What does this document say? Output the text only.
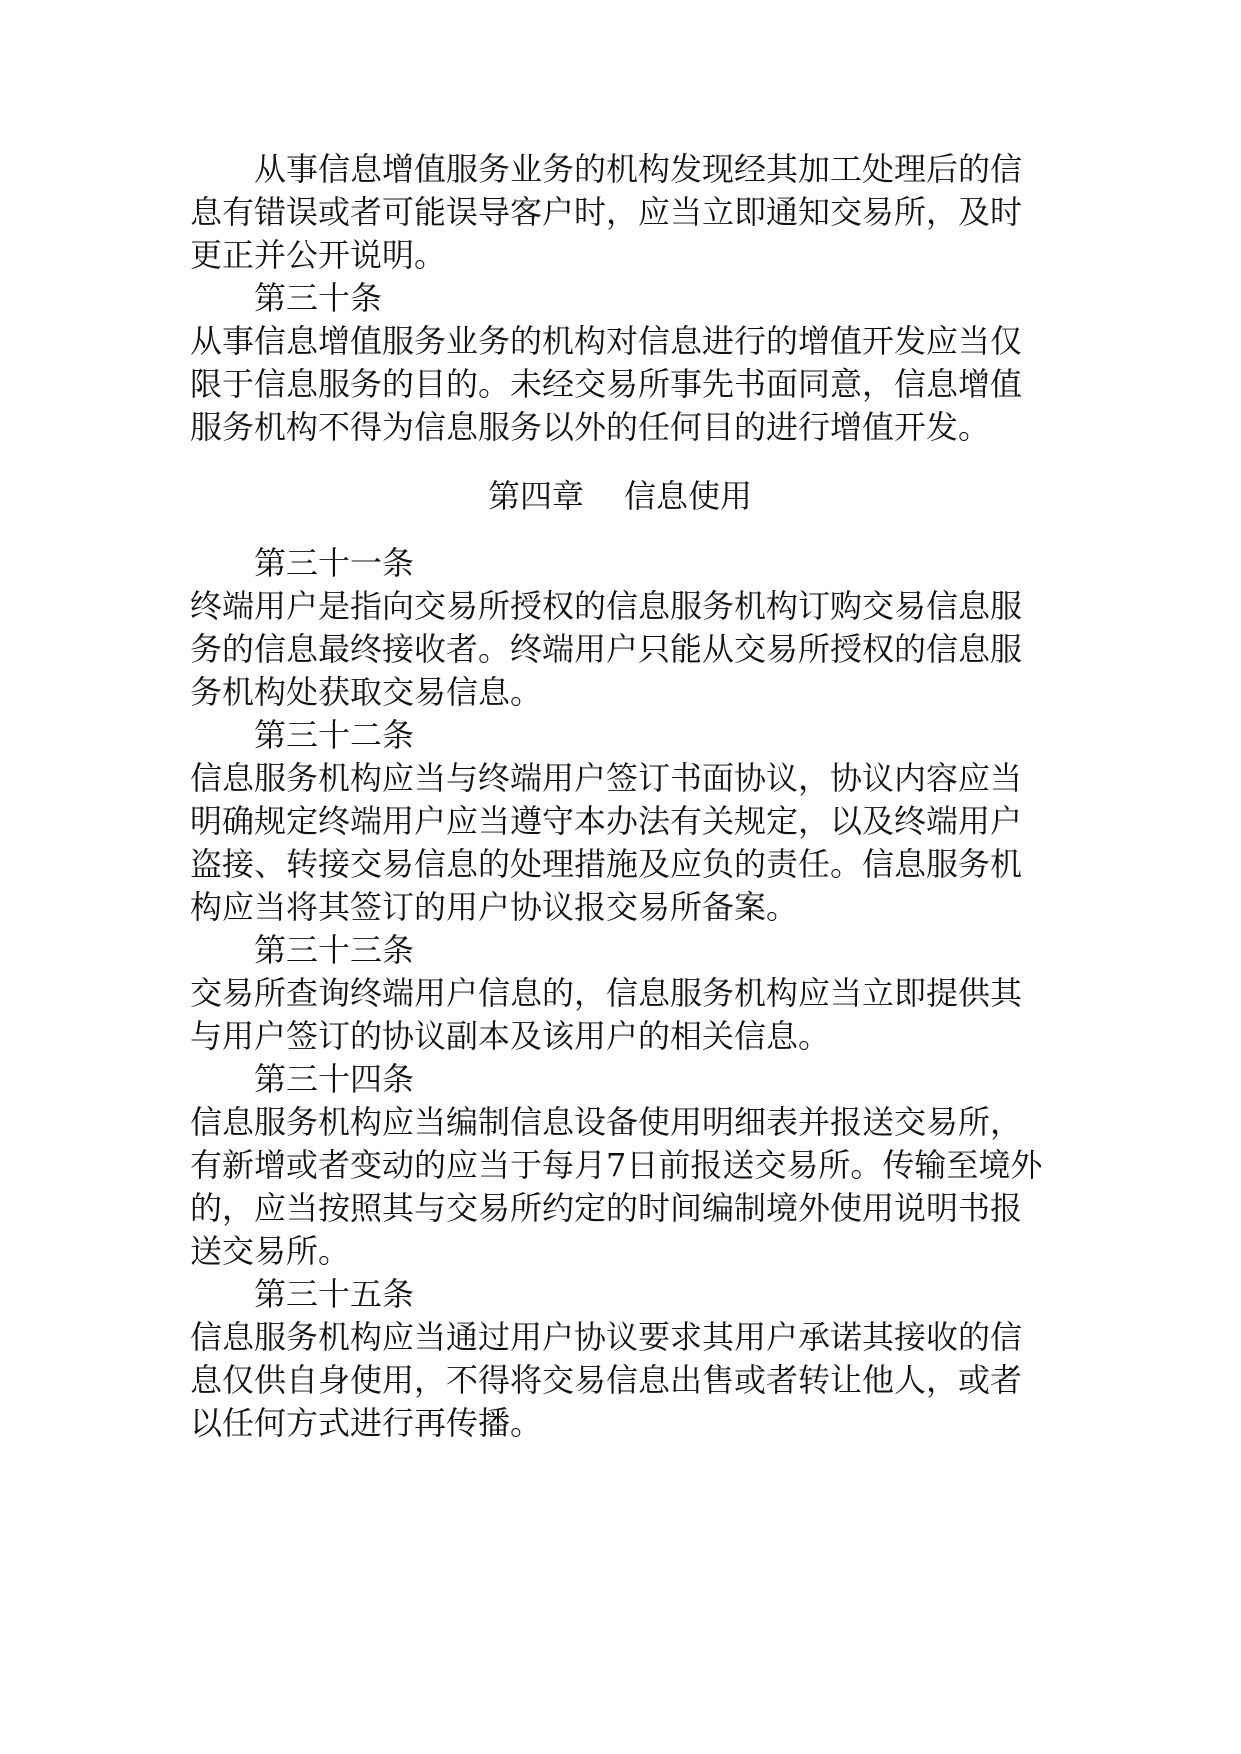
从事信息增值服务业务的机构发现经其加工处理后的信息有错误或者可能误导客户时，应当立即通知交易所，及时更正并公开说明。

第三十条

从事信息增值服务业务的机构对信息进行的增值开发应当仅限于信息服务的目的。未经交易所事先书面同意，信息增值服务机构不得为信息服务以外的任何目的进行增值开发。

第四章 信息使用

第三十一条

终端用户是指向交易所授权的信息服务机构订购交易信息服务的信息最终接收者。终端用户只能从交易所授权的信息服务机构处获取交易信息。

第三十二条

信息服务机构应当与终端用户签订书面协议，协议内容应当明确规定终端用户应当遵守本办法有关规定，以及终端用户盗接、转接交易信息的处理措施及应负的责任。信息服务机构应当将其签订的用户协议报交易所备案。

第三十三条

交易所查询终端用户信息的，信息服务机构应当立即提供其与用户签订的协议副本及该用户的相关信息。

第三十四条

信息服务机构应当编制信息设备使用明细表并报送交易所，有新增或者变动的应当于每月7日前报送交易所。传输至境外的，应当按照其与交易所约定的时间编制境外使用说明书报送交易所。

第三十五条

信息服务机构应当通过用户协议要求其用户承诺其接收的信息仅供自身使用，不得将交易信息出售或者转让他人，或者以任何方式进行再传播。
